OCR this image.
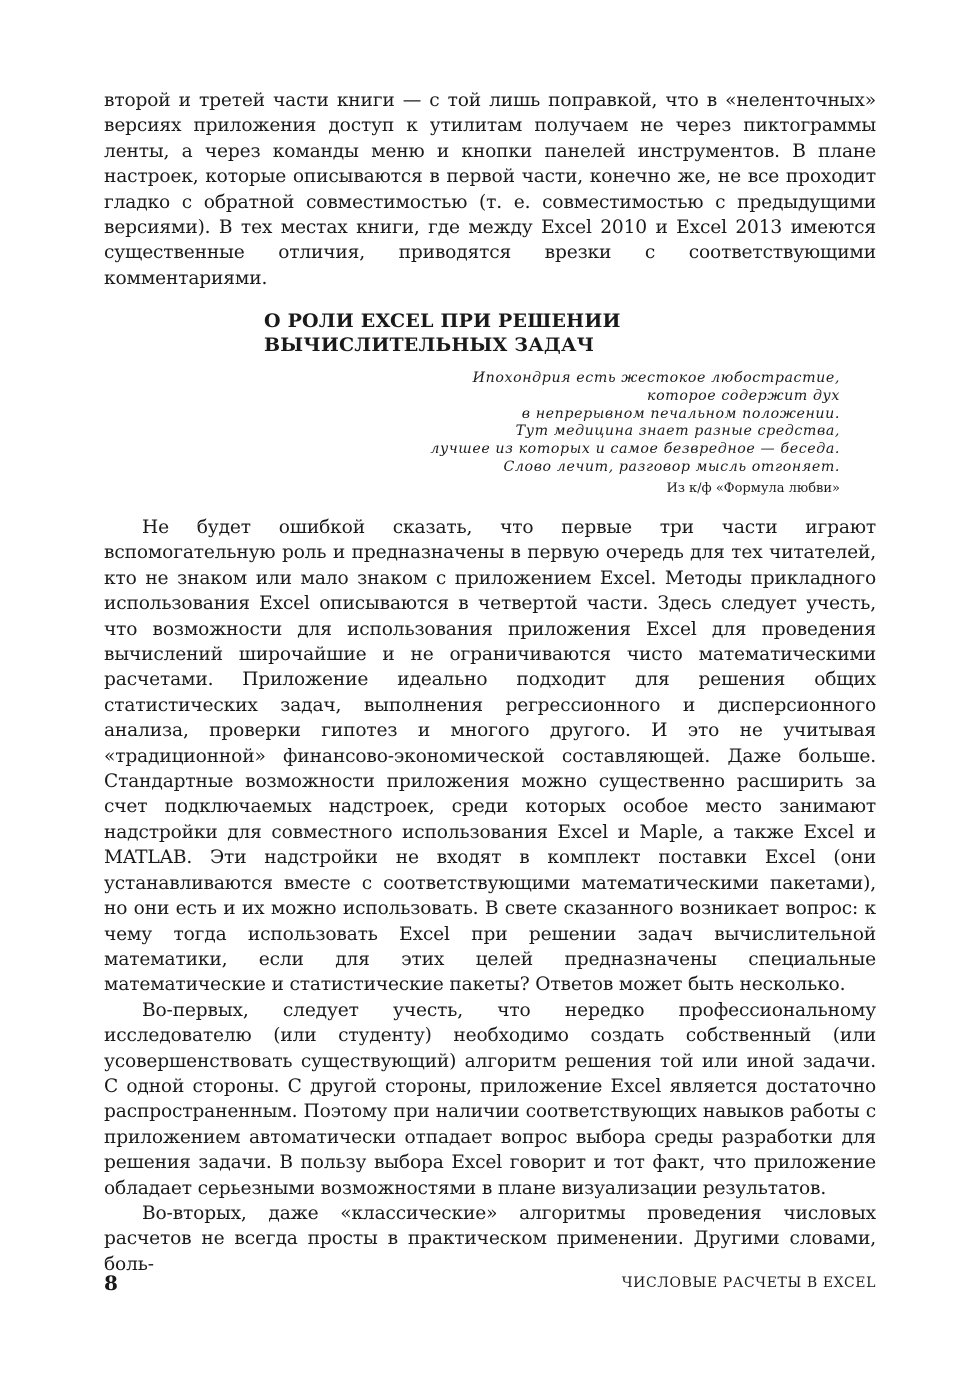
второй и третей части книги — с той лишь поправкой, что в «неленточных» версиях приложения доступ к утилитам получаем не через пиктограммы ленты, а через команды меню и кнопки панелей инструментов. В плане настроек, которые описываются в первой части, конечно же, не все проходит гладко с обратной совместимостью (т. е. совместимостью с предыдущими версиями). В тех местах книги, где между Excel 2010 и Excel 2013 имеются существенные отличия, приводятся врезки с соответствующими комментариями.

О РОЛИ EXCEL ПРИ РЕШЕНИИ
ВЫЧИСЛИТЕЛЬНЫХ ЗАДАЧ
Ипохондрия есть жестокое любострастие,
которое содержит дух
в непрерывном печальном положении.
Тут медицина знает разные средства,
лучшее из которых и самое безвредное — беседа.
Слово лечит, разговор мысль отгоняет.
Из к/ф «Формула любви»

Не будет ошибкой сказать, что первые три части играют вспомогательную роль и предназначены в первую очередь для тех читателей, кто не знаком или мало знаком с приложением Excel. Методы прикладного использования Excel описываются в четвертой части. Здесь следует учесть, что возможности для использования приложения Excel для проведения вычислений широчайшие и не ограничиваются чисто математическими расчетами. Приложение идеально подходит для решения общих статистических задач, выполнения регрессионного и дисперсионного анализа, проверки гипотез и многого другого. И это не учитывая «традиционной» финансово-экономической составляющей. Даже больше. Стандартные возможности приложения можно существенно расширить за счет подключаемых надстроек, среди которых особое место занимают надстройки для совместного использования Excel и Maple, а также Excel и MATLAB. Эти надстройки не входят в комплект поставки Excel (они устанавливаются вместе с соответствующими математическими пакетами), но они есть и их можно использовать. В свете сказанного возникает вопрос: к чему тогда использовать Excel при решении задач вычислительной математики, если для этих целей предназначены специальные математические и статистические пакеты? Ответов может быть несколько.

Во-первых, следует учесть, что нередко профессиональному исследователю (или студенту) необходимо создать собственный (или усовершенствовать существующий) алгоритм решения той или иной задачи. С одной стороны. С другой стороны, приложение Excel является достаточно распространенным. Поэтому при наличии соответствующих навыков работы с приложением автоматически отпадает вопрос выбора среды разработки для решения задачи. В пользу выбора Excel говорит и тот факт, что приложение обладает серьезными возможностями в плане визуализации результатов.

Во-вторых, даже «классические» алгоритмы проведения числовых расчетов не всегда просты в практическом применении. Другими словами, боль-

8	ЧИСЛОВЫЕ РАСЧЕТЫ В EXCEL
